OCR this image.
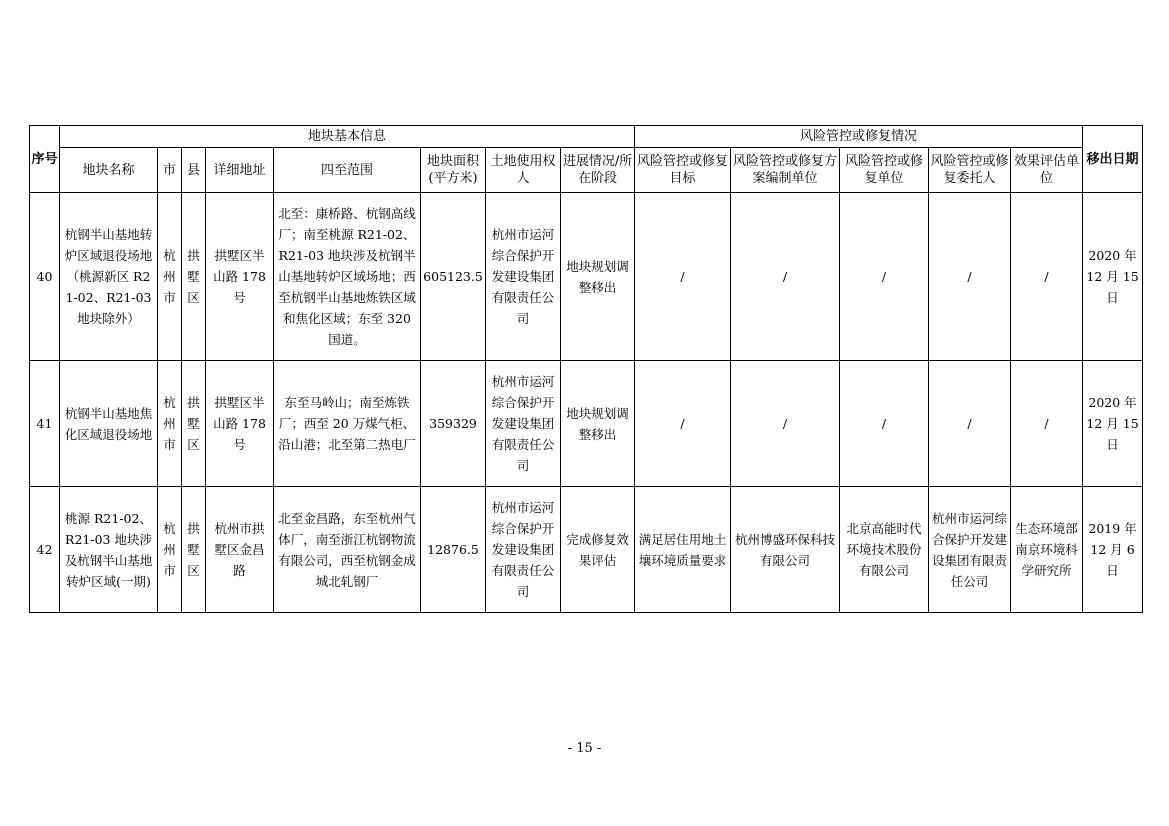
序号	地块基本信息								风险管控或修复情况					移出日期
	地块名称	市	县	详细地址	四至范围	地块面积(平方米)	土地使用权人	进展情况/所在阶段	风险管控或修复目标	风险管控或修复方案编制单位	风险管控或修复单位	风险管控或修复委托人	效果评估单位	
40	杭钢半山基地转炉区域退役场地（桃源新区 R21-02、R21-03 地块除外）	杭州市	拱墅区	拱墅区半山路 178 号	北至：康桥路、杭钢高线厂；南至桃源 R21-02、R21-03 地块涉及杭钢半山基地转炉区域场地；西至杭钢半山基地炼铁区域和焦化区域；东至 320 国道。	605123.5	杭州市运河综合保护开发建设集团有限责任公司	地块规划调整移出	/	/	/	/	/	2020 年 12 月 15 日
41	杭钢半山基地焦化区域退役场地	杭州市	拱墅区	拱墅区半山路 178 号	东至马岭山；南至炼铁厂；西至 20 万煤气柜、沿山港；北至第二热电厂	359329	杭州市运河综合保护开发建设集团有限责任公司	地块规划调整移出	/	/	/	/	/	2020 年 12 月 15 日
42	桃源 R21-02、R21-03 地块涉及杭钢半山基地转炉区域(一期)	杭州市	拱墅区	杭州市拱墅区金昌路	北至金昌路，东至杭州气体厂，南至浙江杭钢物流有限公司，西至杭钢金成城北轧钢厂	12876.5	杭州市运河综合保护开发建设集团有限责任公司	完成修复效果评估	满足居住用地土壤环境质量要求	杭州博盛环保科技有限公司	北京高能时代环境技术股份有限公司	杭州市运河综合保护开发建设集团有限责任公司	生态环境部南京环境科学研究所	2019 年 12 月 6 日
- 15 -
